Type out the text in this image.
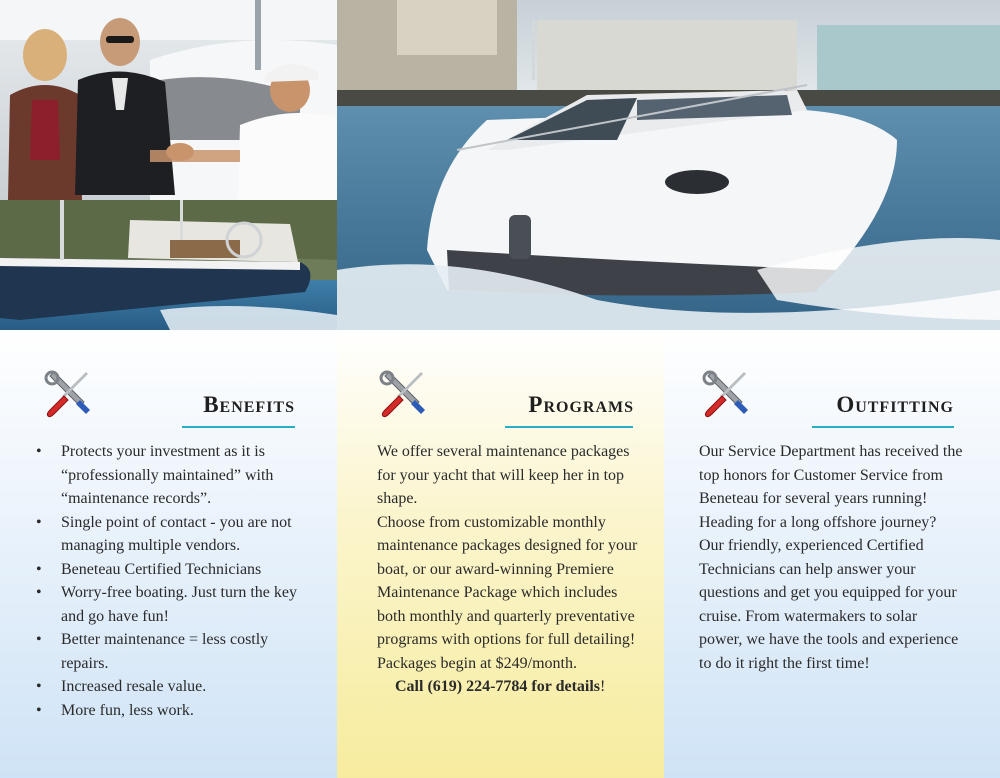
Benefits
• Protects your investment as it is “professionally maintained” with “maintenance records”.
• Single point of contact - you are not managing multiple vendors.
• Beneteau Certified Technicians
• Worry-free boating. Just turn the key and go have fun!
• Better maintenance = less costly repairs.
• Increased resale value.
• More fun, less work.
Programs
We offer several maintenance packages for your yacht that will keep her in top shape.
Choose from customizable monthly maintenance packages designed for your boat, or our award-winning Premiere Maintenance Package which includes both monthly and quarterly preventative programs with options for full detailing! Packages begin at $249/month.
Call (619) 224-7784 for details!
Outfitting
Our Service Department has received the top honors for Customer Service from Beneteau for several years running!
Heading for a long offshore journey? Our friendly, experienced Certified Technicians can help answer your questions and get you equipped for your cruise. From watermakers to solar power, we have the tools and experience to do it right the first time!
